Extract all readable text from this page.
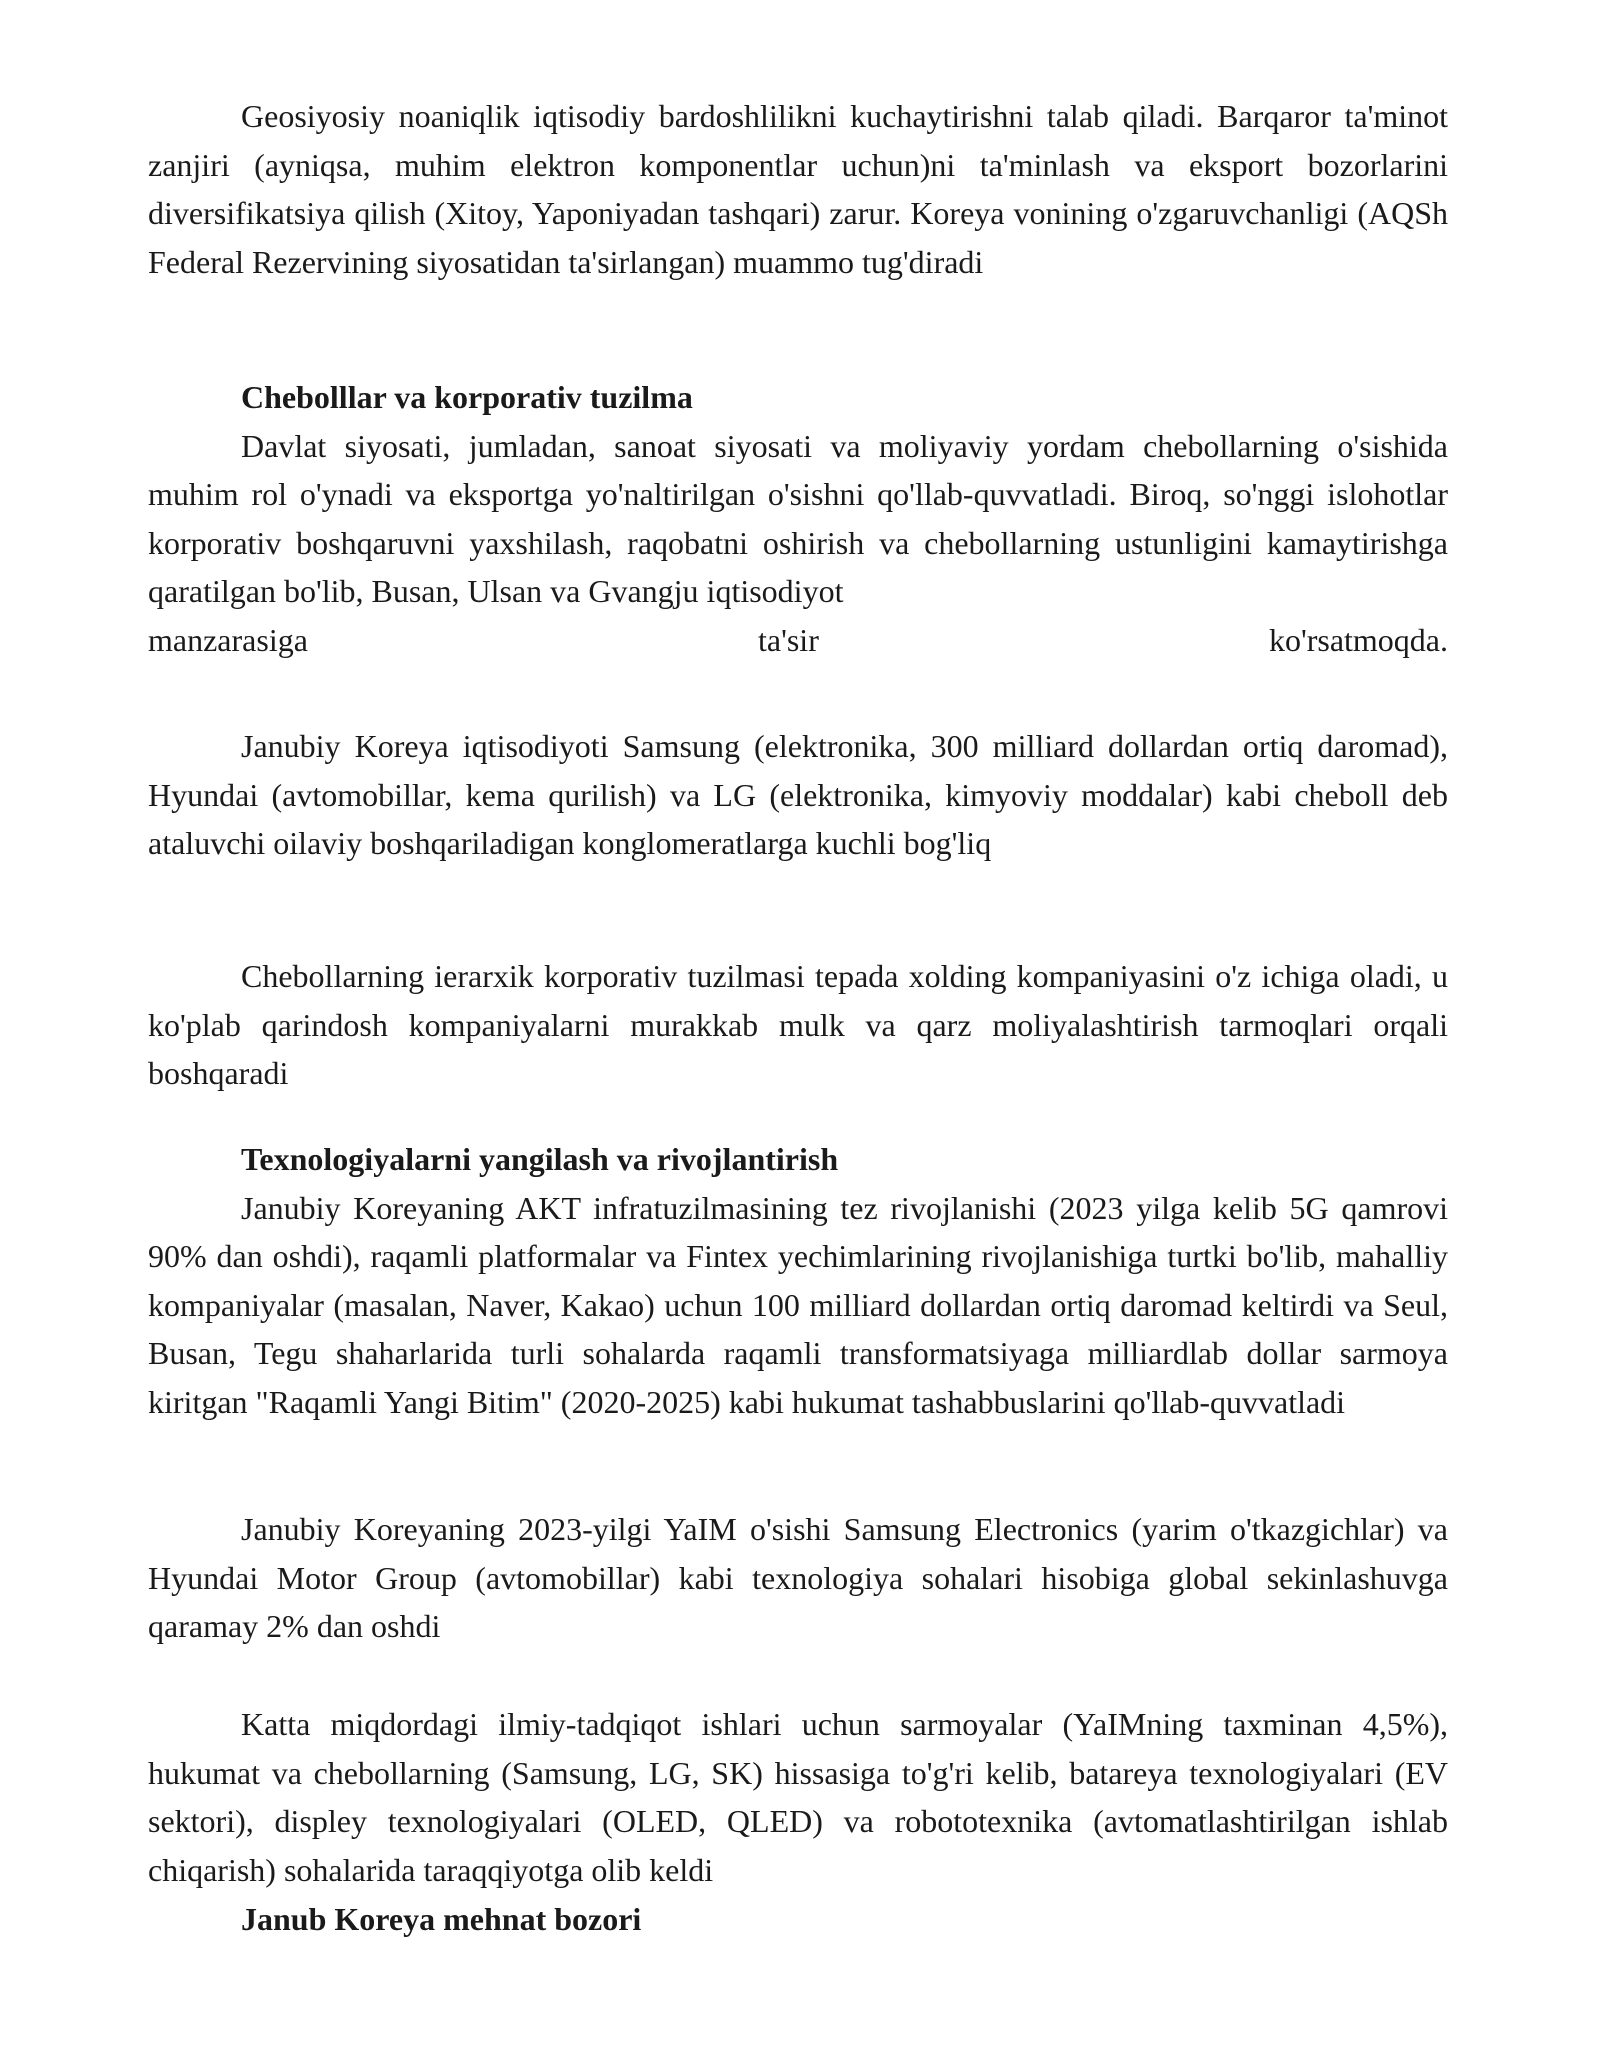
Geosiyosiy noaniqlik iqtisodiy bardoshlilikni kuchaytirishni talab qiladi. Barqaror ta'minot zanjiri (ayniqsa, muhim elektron komponentlar uchun)ni ta'minlash va eksport bozorlarini diversifikatsiya qilish (Xitoy, Yaponiyadan tashqari) zarur. Koreya vonining o'zgaruvchanligi (AQSh Federal Rezervining siyosatidan ta'sirlangan) muammo tug'diradi

Chebolllar va korporativ tuzilma

Davlat siyosati, jumladan, sanoat siyosati va moliyaviy yordam chebollarning o'sishida muhim rol o'ynadi va eksportga yo'naltirilgan o'sishni qo'llab-quvvatladi. Biroq, so'nggi islohotlar korporativ boshqaruvni yaxshilash, raqobatni oshirish va chebollarning ustunligini kamaytirishga qaratilgan bo'lib, Busan, Ulsan va Gvangju iqtisodiyot

manzarasiga ta'sir ko'rsatmoqda.

Janubiy Koreya iqtisodiyoti Samsung (elektronika, 300 milliard dollardan ortiq daromad), Hyundai (avtomobillar, kema qurilish) va LG (elektronika, kimyoviy moddalar) kabi cheboll deb ataluvchi oilaviy boshqariladigan konglomeratlarga kuchli bog'liq

Chebollarning ierarxik korporativ tuzilmasi tepada xolding kompaniyasini o'z ichiga oladi, u ko'plab qarindosh kompaniyalarni murakkab mulk va qarz moliyalashtirish tarmoqlari orqali boshqaradi

Texnologiyalarni yangilash va rivojlantirish

Janubiy Koreyaning AKT infratuzilmasining tez rivojlanishi (2023 yilga kelib 5G qamrovi 90% dan oshdi), raqamli platformalar va Fintex yechimlarining rivojlanishiga turtki bo'lib, mahalliy kompaniyalar (masalan, Naver, Kakao) uchun 100 milliard dollardan ortiq daromad keltirdi va Seul, Busan, Tegu shaharlarida turli sohalarda raqamli transformatsiyaga milliardlab dollar sarmoya kiritgan "Raqamli Yangi Bitim" (2020-2025) kabi hukumat tashabbuslarini qo'llab-quvvatladi

Janubiy Koreyaning 2023-yilgi YaIM o'sishi Samsung Electronics (yarim o'tkazgichlar) va Hyundai Motor Group (avtomobillar) kabi texnologiya sohalari hisobiga global sekinlashuvga qaramay 2% dan oshdi

Katta miqdordagi ilmiy-tadqiqot ishlari uchun sarmoyalar (YaIMning taxminan 4,5%), hukumat va chebollarning (Samsung, LG, SK) hissasiga to'g'ri kelib, batareya texnologiyalari (EV sektori), displey texnologiyalari (OLED, QLED) va robototexnika (avtomatlashtirilgan ishlab chiqarish) sohalarida taraqqiyotga olib keldi

Janub Koreya mehnat bozori
